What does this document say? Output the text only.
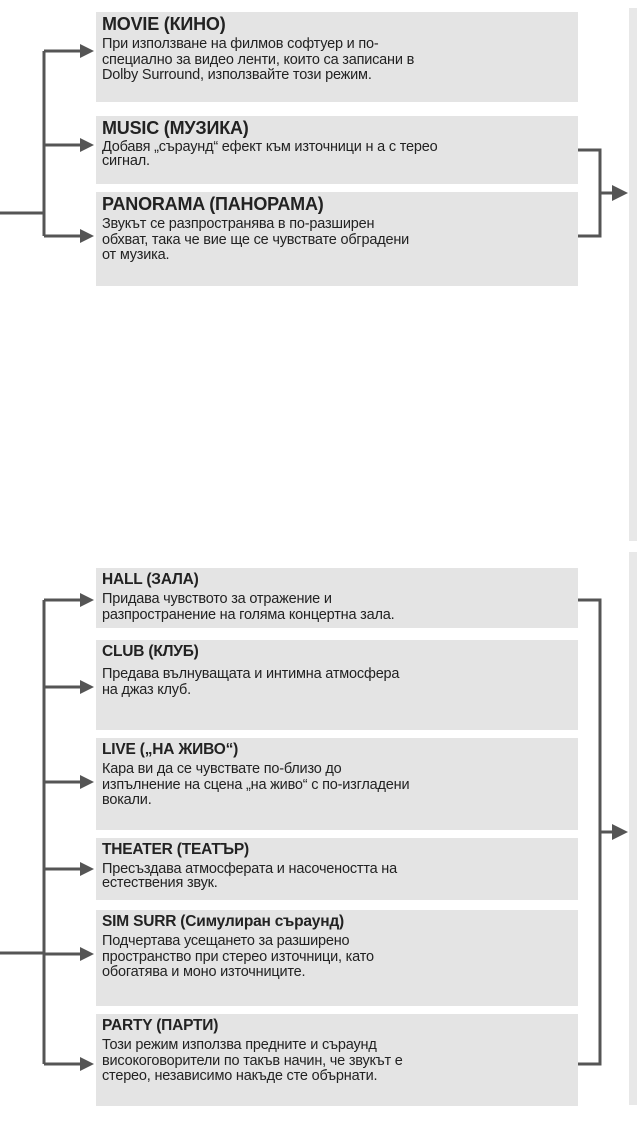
MOVIE (КИНО)
При използване на филмов софтуер и по-
специално за видео ленти, които са записани в
Dolby Surround, използвайте този режим.
MUSIC (МУЗИКА)
Добавя „съраунд“ ефект към източници н а с терео
сигнал.
PANORAMA (ПАНОРАМА)
Звукът се разпространява в по-разширен
обхват, така че вие ще се чувствате обградени
от музика.
HALL (ЗАЛА)
Придава чувството за отражение и
разпространение на голяма концертна зала.
CLUB (КЛУБ)
Предава вълнуващата и интимна атмосфера
на джаз клуб.
LIVE („НА ЖИВО“)
Кара ви да се чувствате по-близо до
изпълнение на сцена „на живо“ с по-изгладени
вокали.
THEATER (ТЕАТЪР)
Пресъздава атмосферата и насочеността на
естествения звук.
SIM SURR (Симулиран съраунд)
Подчертава усещането за разширено
пространство при стерео източници, като
обогатява и моно източниците.
PARTY (ПАРТИ)
Този режим използва предните и съраунд
високоговорители по такъв начин, че звукът е
стерео, независимо накъде сте обърнати.
